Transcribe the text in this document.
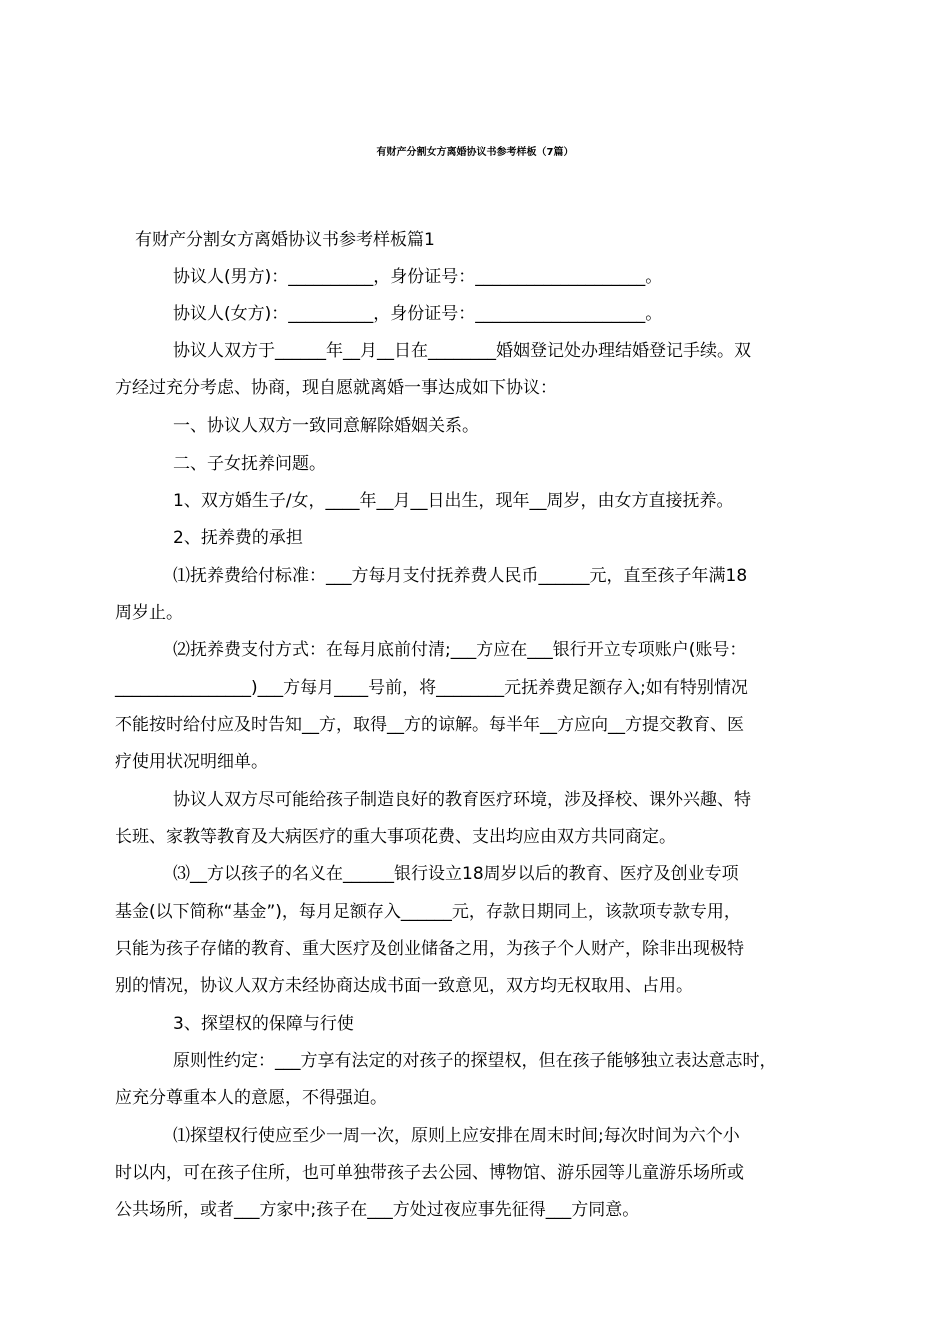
有财产分割女方离婚协议书参考样板（7篇）
有财产分割女方离婚协议书参考样板篇1
协议人(男方)：__________，身份证号：____________________。
协议人(女方)：__________，身份证号：____________________。
协议人双方于______年__月__日在________婚姻登记处办理结婚登记手续。双
方经过充分考虑、协商，现自愿就离婚一事达成如下协议：
一、协议人双方一致同意解除婚姻关系。
二、子女抚养问题。
1、双方婚生子/女，____年__月__日出生，现年__周岁，由女方直接抚养。
2、抚养费的承担
⑴抚养费给付标准：___方每月支付抚养费人民币______元，直至孩子年满18
周岁止。
⑵抚养费支付方式：在每月底前付清;___方应在___银行开立专项账户(账号：
________________)___方每月____号前，将________元抚养费足额存入;如有特别情况
不能按时给付应及时告知__方，取得__方的谅解。每半年__方应向__方提交教育、医
疗使用状况明细单。
协议人双方尽可能给孩子制造良好的教育医疗环境，涉及择校、课外兴趣、特
长班、家教等教育及大病医疗的重大事项花费、支出均应由双方共同商定。
⑶__方以孩子的名义在______银行设立18周岁以后的教育、医疗及创业专项
基金(以下简称“基金”)，每月足额存入______元，存款日期同上，该款项专款专用，
只能为孩子存储的教育、重大医疗及创业储备之用，为孩子个人财产，除非出现极特
别的情况，协议人双方未经协商达成书面一致意见，双方均无权取用、占用。
3、探望权的保障与行使
原则性约定：___方享有法定的对孩子的探望权，但在孩子能够独立表达意志时，
应充分尊重本人的意愿，不得强迫。
⑴探望权行使应至少一周一次，原则上应安排在周末时间;每次时间为六个小
时以内，可在孩子住所，也可单独带孩子去公园、博物馆、游乐园等儿童游乐场所或
公共场所，或者___方家中;孩子在___方处过夜应事先征得___方同意。
